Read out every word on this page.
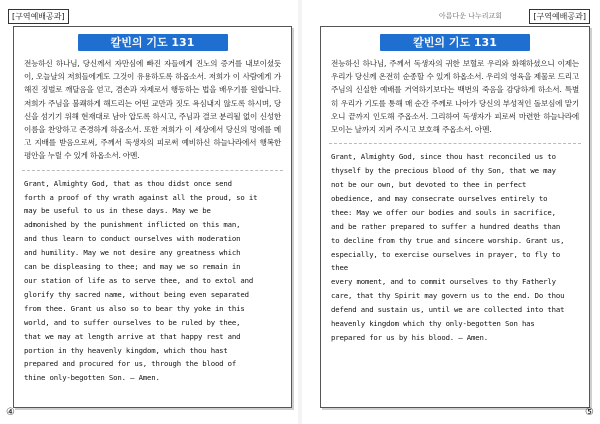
[구역예배공과]
칼빈의 기도 131
전능하신 하나님, 당신께서 자만심에 빠진 자들에게 진노의 증거를 내보이셨듯이, 오늘날의 저희들에게도 그것이 유용하도록 하옵소서. 저희가 이 사람에게 가해진 징벌로 깨달음을 얻고, 겸손과 자제로서 행동하는 법을 배우기를 원합니다. 저희가 주님을 불쾌하게 해드리는 어떤 교만과 짓도 욕심내지 않도록 하시며, 당신을 섬기기 위해 현재대로 남아 압도록 하시고, 주님과 결코 분리될 없이 신성한 이름을 찬양하고 존경하게 하옵소서. 또한 저희가 이 세상에서 당신의 멍에를 메고 지배를 받음으로써, 주께서 독생자의 피로써 예비하신 하늘나라에서 행복한 평안을 누릴 수 있게 하옵소서. 아멘.
Grant, Almighty God, that as thou didst once send
forth a proof of thy wrath against all the proud, so it
may be useful to us in these days. May we be
admonished by the punishment inflicted on this man,
and thus learn to conduct ourselves with moderation
and humility. May we not desire any greatness which
can be displeasing to thee; and may we so remain in
our station of life as to serve thee, and to extol and
glorify thy sacred name, without being even separated
from thee. Grant us also so to bear thy yoke in this
world, and to suffer ourselves to be ruled by thee,
that we may at length arrive at that happy rest and
portion in thy heavenly kingdom, which thou hast
prepared and procured for us, through the blood of
thine only-begotten Son. — Amen.
④
아름다운 나누리교회	[구역예배공과]
칼빈의 기도 131
전능하신 하나님, 주께서 독생자의 귀한 보혈로 우리와 화해하셨으니 이제는 우리가 당신께 온전히 순종할 수 있게 하옵소서. 우리의 영육을 제물로 드리고 주님의 신실한 예배를 거역하기보다는 백번의 죽음을 감당하게 하소서. 특별히 우리가 기도를 통해 매 순간 주께로 나아가 당신의 부성적인 돌보심에 맡기오니 끝까지 인도해 주옵소서. 그리하여 독생자가 피로써 마련한 하늘나라에 모이는 날까지 지켜 주시고 보호해 주옵소서. 아멘.
Grant, Almighty God, since thou hast reconciled us to
thyself by the precious blood of thy Son, that we may
not be our own, but devoted to thee in perfect
obedience, and may consecrate ourselves entirely to
thee: May we offer our bodies and souls in sacrifice,
and be rather prepared to suffer a hundred deaths than
to decline from thy true and sincere worship. Grant us,
especially, to exercise ourselves in prayer, to fly to thee
every moment, and to commit ourselves to thy Fatherly
care, that thy Spirit may govern us to the end. Do thou
defend and sustain us, until we are collected into that
heavenly kingdom which thy only-begotten Son has
prepared for us by his blood. — Amen.
⑤
